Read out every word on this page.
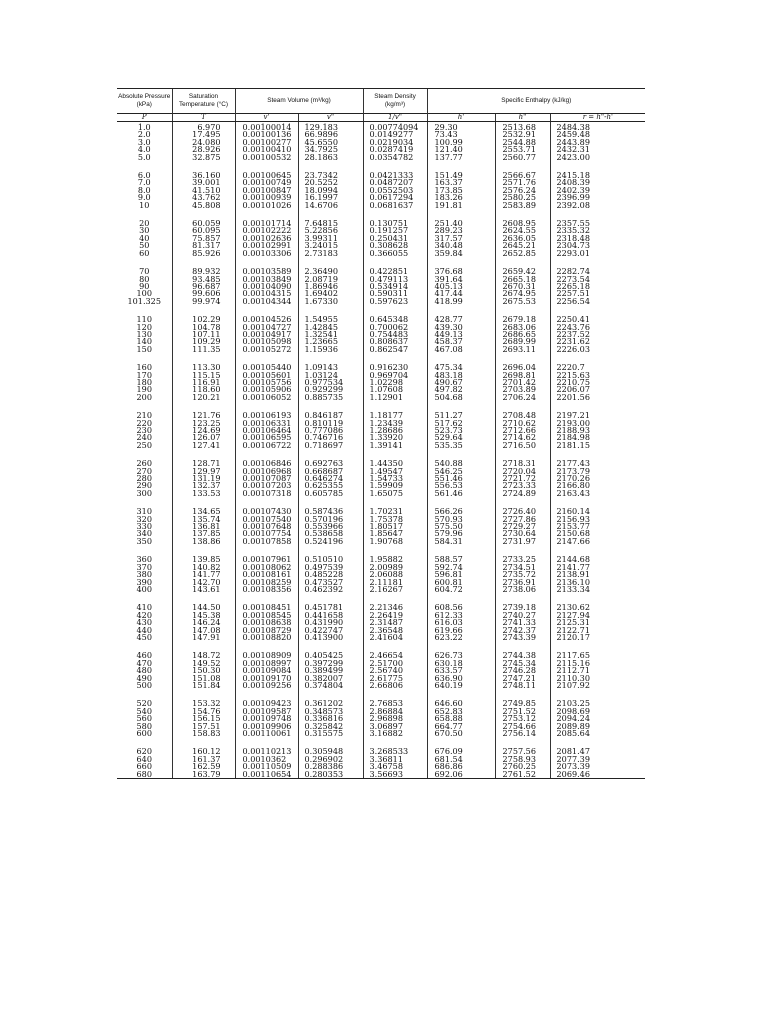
Absolute Pressure (kPa)	Saturation Temperature (°C)	Steam Volume (m³/kg)		Steam Density (kg/m³)	Specific Enthalpy (kJ/kg)		
P	T	v'	v"	1/v"	h'	h"	r = h"-h'
1.0	6.970	0.00100014	129.183	0.00774094	29.30	2513.68	2484.38
2.0	17.495	0.00100136	66.9896	0.0149277	73.43	2532.91	2459.48
3.0	24.080	0.00100277	45.6550	0.0219034	100.99	2544.88	2443.89
4.0	28.926	0.00100410	34.7925	0.0287419	121.40	2553.71	2432.31
5.0	32.875	0.00100532	28.1863	0.0354782	137.77	2560.77	2423.00

6.0	36.160	0.00100645	23.7342	0.0421333	151.49	2566.67	2415.18
7.0	39.001	0.00100749	20.5252	0.0487207	163.37	2571.76	2408.39
8.0	41.510	0.00100847	18.0994	0.0552503	173.85	2576.24	2402.39
9.0	43.762	0.00100939	16.1997	0.0617294	183.26	2580.25	2396.99
10	45.808	0.00101026	14.6706	0.0681637	191.81	2583.89	2392.08

20	60.059	0.00101714	7.64815	0.130751	251.40	2608.95	2357.55
30	60.095	0.00102222	5.22856	0.191257	289.23	2624.55	2335.32
40	75.857	0.00102636	3.99311	0.250431	317.57	2636.05	2318.48
50	81.317	0.00102991	3.24015	0.308628	340.48	2645.21	2304.73
60	85.926	0.00103306	2.73183	0.366055	359.84	2652.85	2293.01

70	89.932	0.00103589	2.36490	0.422851	376.68	2659.42	2282.74
80	93.485	0.00103849	2.08719	0.479113	391.64	2665.18	2273.54
90	96.687	0.00104090	1.86946	0.534914	405.13	2670.31	2265.18
100	99.606	0.00104315	1.69402	0.590311	417.44	2674.95	2257.51
101.325	99.974	0.00104344	1.67330	0.597623	418.99	2675.53	2256.54

110	102.29	0.00104526	1.54955	0.645348	428.77	2679.18	2250.41
120	104.78	0.00104727	1.42845	0.700062	439.30	2683.06	2243.76
130	107.11	0.00104917	1.32541	0.754483	449.13	2686.65	2237.52
140	109.29	0.00105098	1.23665	0.808637	458.37	2689.99	2231.62
150	111.35	0.00105272	1.15936	0.862547	467.08	2693.11	2226.03

160	113.30	0.00105440	1.09143	0.916230	475.34	2696.04	2220.7
170	115.15	0.00105601	1.03124	0.969704	483.18	2698.81	2215.63
180	116.91	0.00105756	0.977534	1.02298	490.67	2701.42	2210.75
190	118.60	0.00105906	0.929299	1.07608	497.82	2703.89	2206.07
200	120.21	0.00106052	0.885735	1.12901	504.68	2706.24	2201.56

210	121.76	0.00106193	0.846187	1.18177	511.27	2708.48	2197.21
220	123.25	0.00106331	0.810119	1.23439	517.62	2710.62	2193.00
230	124.69	0.00106464	0.777086	1.28686	523.73	2712.66	2188.93
240	126.07	0.00106595	0.746716	1.33920	529.64	2714.62	2184.98
250	127.41	0.00106722	0.718697	1.39141	535.35	2716.50	2181.15

260	128.71	0.00106846	0.692763	1.44350	540.88	2718.31	2177.43
270	129.97	0.00106968	0.668687	1.49547	546.25	2720.04	2173.79
280	131.19	0.00107087	0.646274	1.54733	551.46	2721.72	2170.26
290	132.37	0.00107203	0.625355	1.59909	556.53	2723.33	2166.80
300	133.53	0.00107318	0.605785	1.65075	561.46	2724.89	2163.43

310	134.65	0.00107430	0.587436	1.70231	566.26	2726.40	2160.14
320	135.74	0.00107540	0.570196	1.75378	570.93	2727.86	2156.93
330	136.81	0.00107648	0.553966	1.80517	575.50	2729.27	2153.77
340	137.85	0.00107754	0.538658	1.85647	579.96	2730.64	2150.68
350	138.86	0.00107858	0.524196	1.90768	584.31	2731.97	2147.66

360	139.85	0.00107961	0.510510	1.95882	588.57	2733.25	2144.68
370	140.82	0.00108062	0.497539	2.00989	592.74	2734.51	2141.77
380	141.77	0.00108161	0.485228	2.06088	596.81	2735.72	2138.91
390	142.70	0.00108259	0.473527	2.11181	600.81	2736.91	2136.10
400	143.61	0.00108356	0.462392	2.16267	604.72	2738.06	2133.34

410	144.50	0.00108451	0.451781	2.21346	608.56	2739.18	2130.62
420	145.38	0.00108545	0.441658	2.26419	612.33	2740.27	2127.94
430	146.24	0.00108638	0.431990	2.31487	616.03	2741.33	2125.31
440	147.08	0.00108729	0.422747	2.36548	619.66	2742.37	2122.71
450	147.91	0.00108820	0.413900	2.41604	623.22	2743.39	2120.17

460	148.72	0.00108909	0.405425	2.46654	626.73	2744.38	2117.65
470	149.52	0.00108997	0.397299	2.51700	630.18	2745.34	2115.16
480	150.30	0.00109084	0.389499	2.56740	633.57	2746.28	2112.71
490	151.08	0.00109170	0.382007	2.61775	636.90	2747.21	2110.30
500	151.84	0.00109256	0.374804	2.66806	640.19	2748.11	2107.92

520	153.32	0.00109423	0.361202	2.76853	646.60	2749.85	2103.25
540	154.76	0.00109587	0.348573	2.86884	652.83	2751.52	2098.69
560	156.15	0.00109748	0.336816	2.96898	658.88	2753.12	2094.24
580	157.51	0.00109906	0.325842	3.06897	664.77	2754.66	2089.89
600	158.83	0.00110061	0.315575	3.16882	670.50	2756.14	2085.64

620	160.12	0.00110213	0.305948	3.268533	676.09	2757.56	2081.47
640	161.37	0.0010362	0.296902	3.36811	681.54	2758.93	2077.39
660	162.59	0.00110509	0.288386	3.46758	686.86	2760.25	2073.39
680	163.79	0.00110654	0.280353	3.56693	692.06	2761.52	2069.46
